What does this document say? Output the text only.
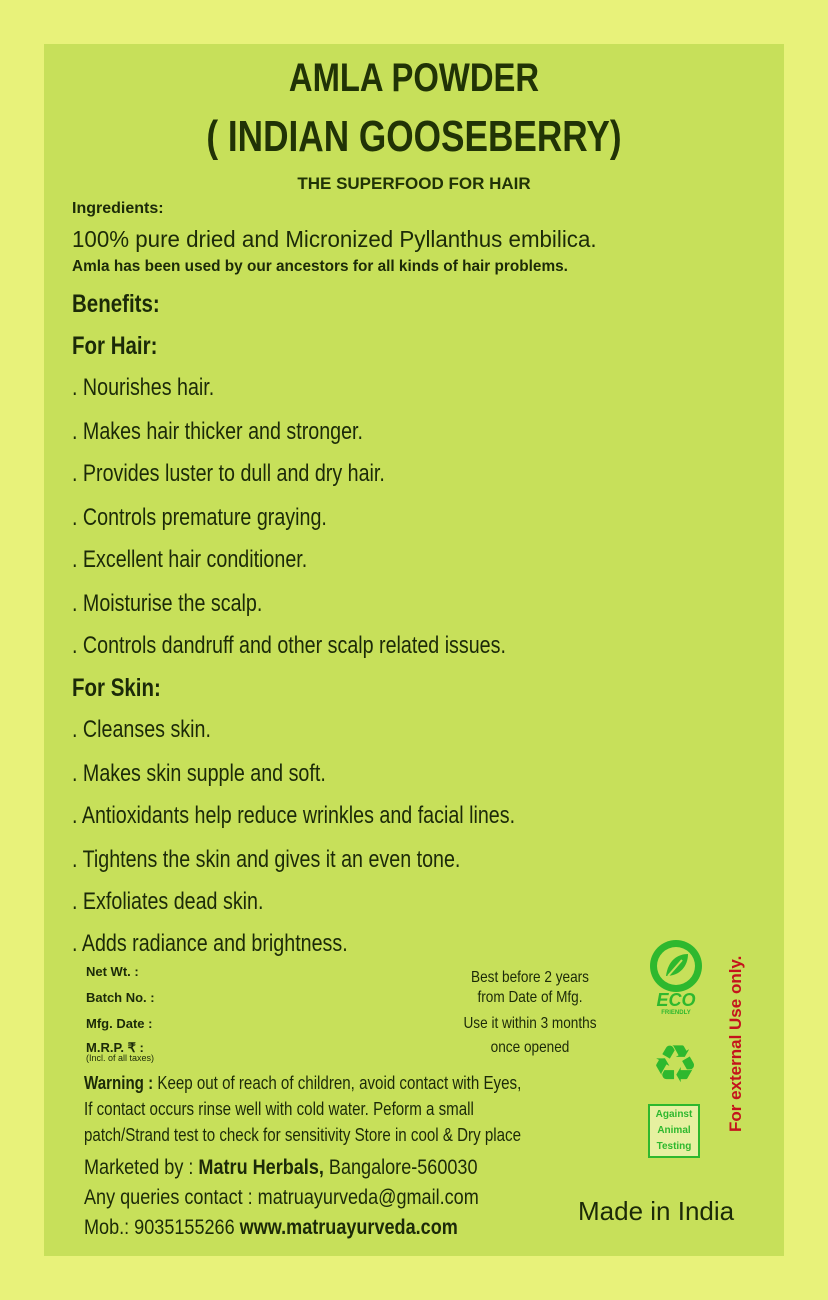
AMLA POWDER
( INDIAN GOOSEBERRY)
THE SUPERFOOD FOR HAIR
Ingredients:
100% pure dried and Micronized Pyllanthus embilica.
Amla has been used by our ancestors for all kinds of hair problems.
Benefits:
For Hair:
. Nourishes hair.
. Makes hair thicker and stronger.
. Provides luster to dull and dry hair.
. Controls premature graying.
. Excellent hair conditioner.
. Moisturise the scalp.
. Controls dandruff and other scalp related issues.
For Skin:
. Cleanses skin.
. Makes skin supple and soft.
. Antioxidants help reduce wrinkles and facial lines.
. Tightens the skin and gives it an even tone.
. Exfoliates dead skin.
. Adds radiance and brightness.
Net Wt. :
Batch No. :
Mfg. Date :
M.R.P. ₹ :
(Incl. of all taxes)
Best before 2 years
from Date of Mfg.
Use it within 3 months
once opened
Warning : Keep out of reach of children, avoid contact with Eyes,
If contact occurs rinse well with cold water. Peform a small
patch/Strand test to check for sensitivity Store in cool & Dry place
Marketed by : Matru Herbals, Bangalore-560030
Any queries contact : matruayurveda@gmail.com
Mob.: 9035155266 www.matruayurveda.com
Made in India
ECO
FRIENDLY
♻
Against
Animal
Testing
For external Use only.
